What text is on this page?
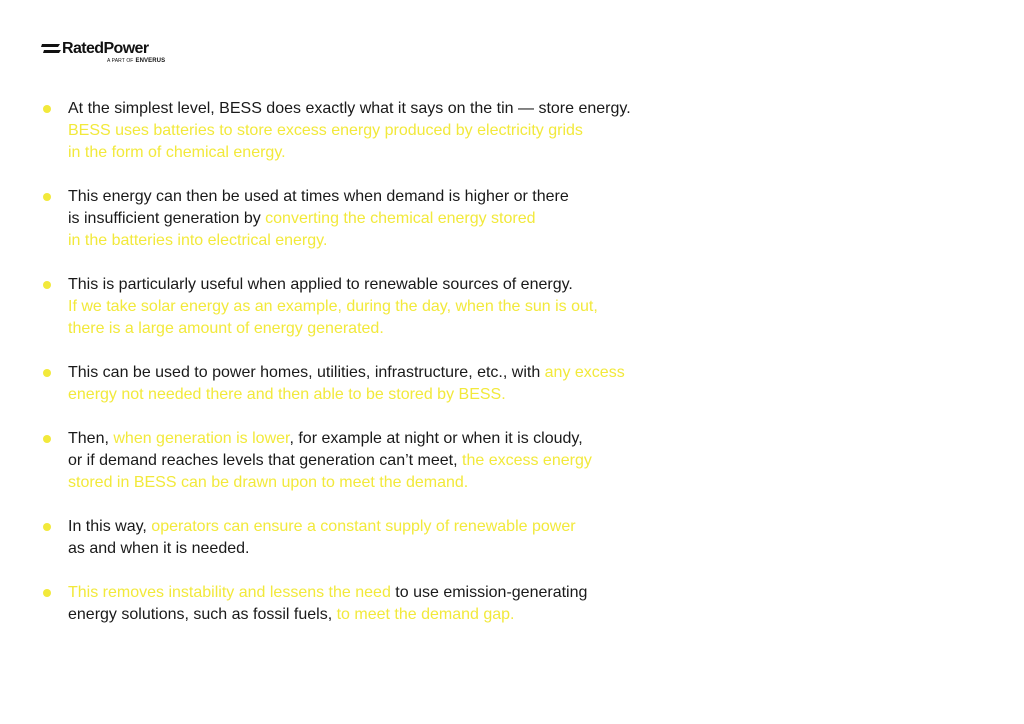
RatedPower
A PART OF ENVERUS
At the simplest level, BESS does exactly what it says on the tin — store energy.
BESS uses batteries to store excess energy produced by electricity grids
in the form of chemical energy.
This energy can then be used at times when demand is higher or there
is insufficient generation by converting the chemical energy stored
in the batteries into electrical energy.
This is particularly useful when applied to renewable sources of energy.
If we take solar energy as an example, during the day, when the sun is out,
there is a large amount of energy generated.
This can be used to power homes, utilities, infrastructure, etc., with any excess
energy not needed there and then able to be stored by BESS.
Then, when generation is lower, for example at night or when it is cloudy,
or if demand reaches levels that generation can’t meet, the excess energy
stored in BESS can be drawn upon to meet the demand.
In this way, operators can ensure a constant supply of renewable power
as and when it is needed.
This removes instability and lessens the need to use emission-generating
energy solutions, such as fossil fuels, to meet the demand gap.
